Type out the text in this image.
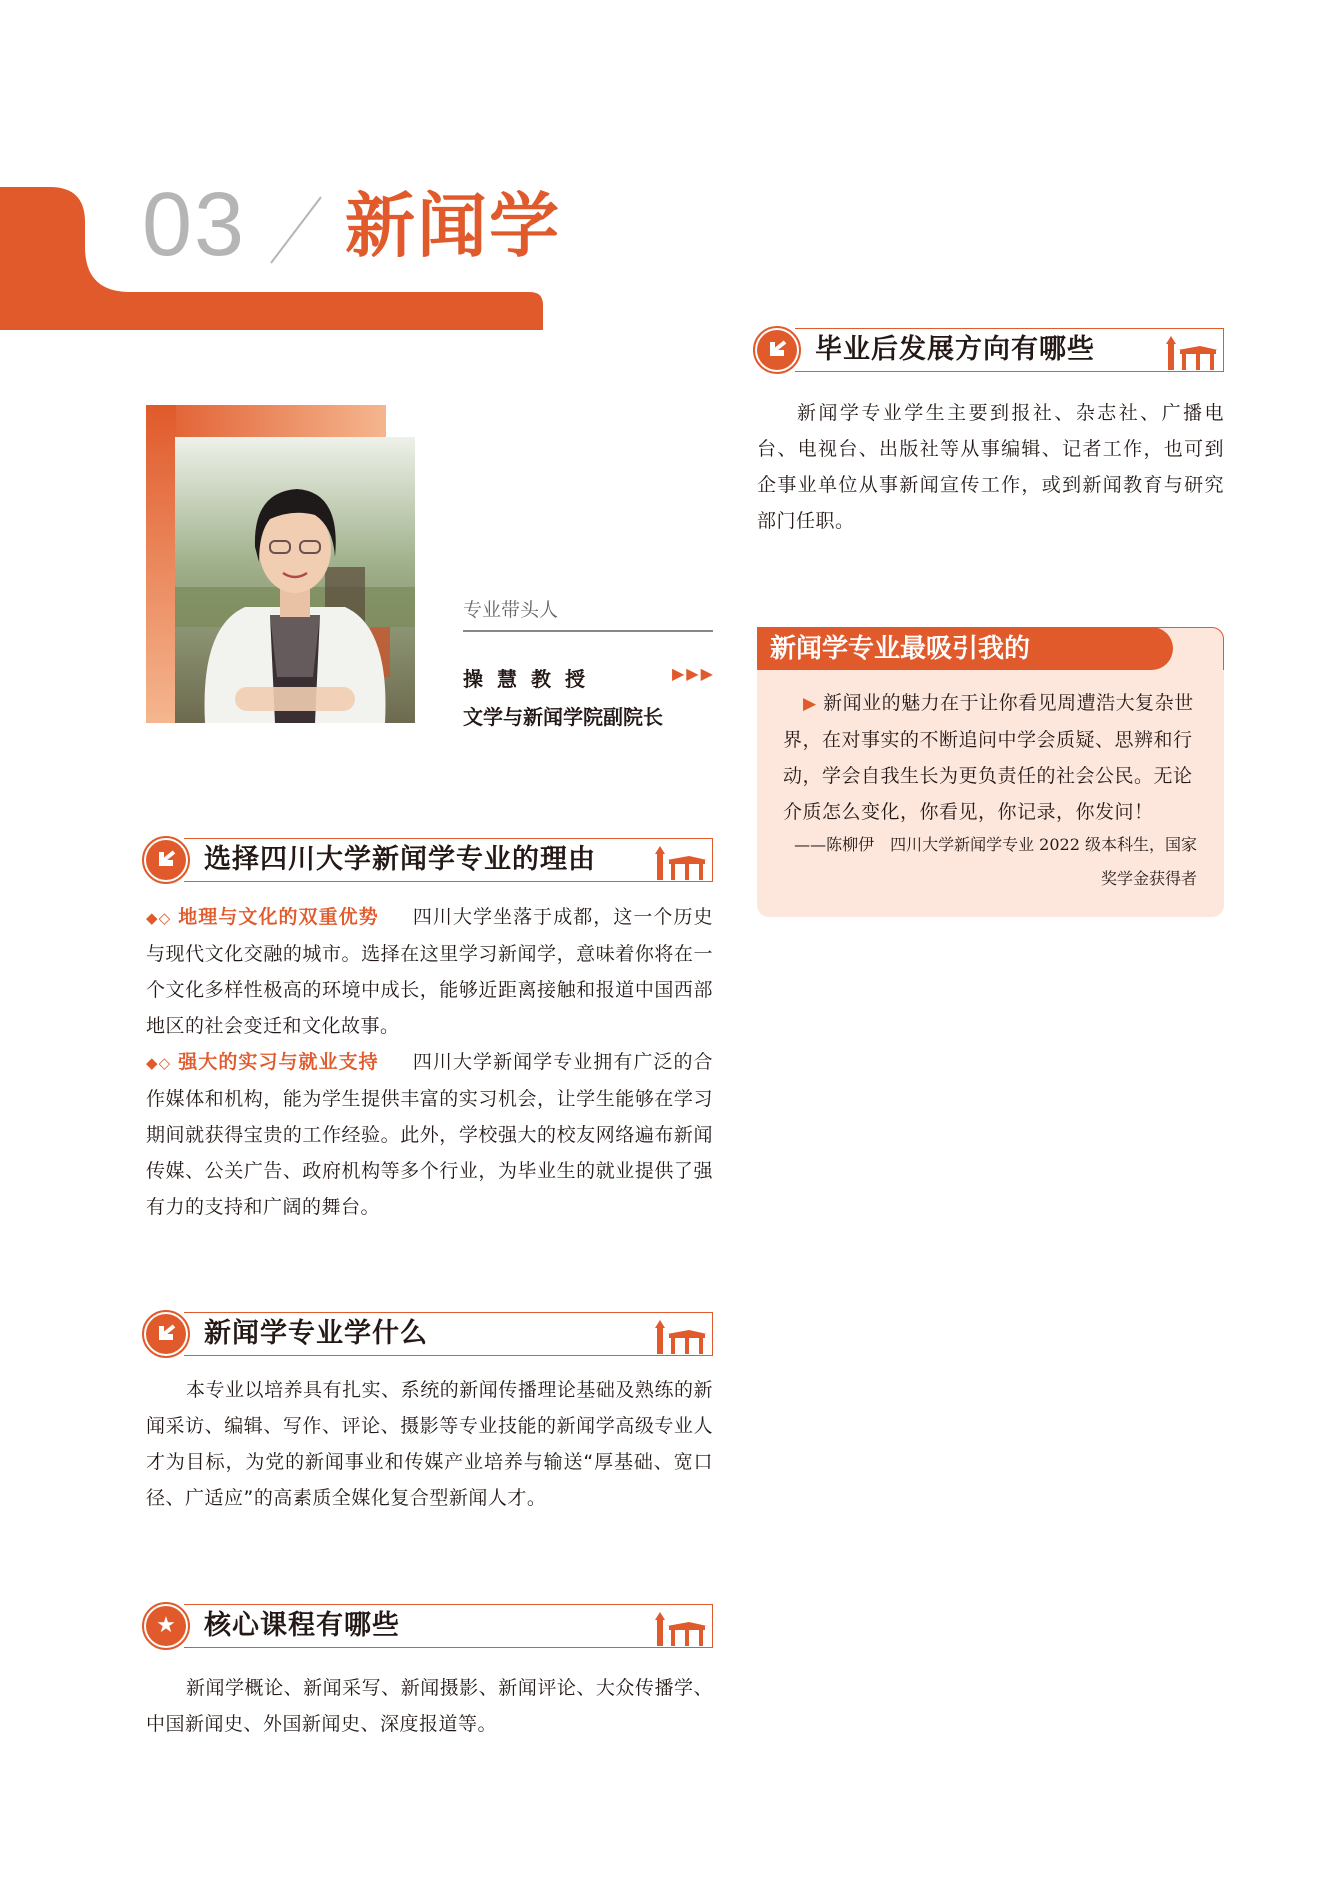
03 新闻学
专业带头人
操慧教授	▶▶▶
文学与新闻学院副院长
选择四川大学新闻学专业的理由
◆◇ 地理与文化的双重优势 四川大学坐落于成都，这一个历史与现代文化交融的城市。选择在这里学习新闻学，意味着你将在一个文化多样性极高的环境中成长，能够近距离接触和报道中国西部地区的社会变迁和文化故事。
◆◇ 强大的实习与就业支持 四川大学新闻学专业拥有广泛的合作媒体和机构，能为学生提供丰富的实习机会，让学生能够在学习期间就获得宝贵的工作经验。此外，学校强大的校友网络遍布新闻传媒、公关广告、政府机构等多个行业，为毕业生的就业提供了强有力的支持和广阔的舞台。
新闻学专业学什么
本专业以培养具有扎实、系统的新闻传播理论基础及熟练的新闻采访、编辑、写作、评论、摄影等专业技能的新闻学高级专业人才为目标，为党的新闻事业和传媒产业培养与输送“厚基础、宽口径、广适应”的高素质全媒化复合型新闻人才。
★	核心课程有哪些
新闻学概论、新闻采写、新闻摄影、新闻评论、大众传播学、中国新闻史、外国新闻史、深度报道等。
毕业后发展方向有哪些
新闻学专业学生主要到报社、杂志社、广播电台、电视台、出版社等从事编辑、记者工作，也可到企事业单位从事新闻宣传工作，或到新闻教育与研究部门任职。
新闻学专业最吸引我的
▶ 新闻业的魅力在于让你看见周遭浩大复杂世界，在对事实的不断追问中学会质疑、思辨和行动，学会自我生长为更负责任的社会公民。无论介质怎么变化，你看见，你记录，你发问！
——陈柳伊　四川大学新闻学专业 2022 级本科生，国家奖学金获得者
